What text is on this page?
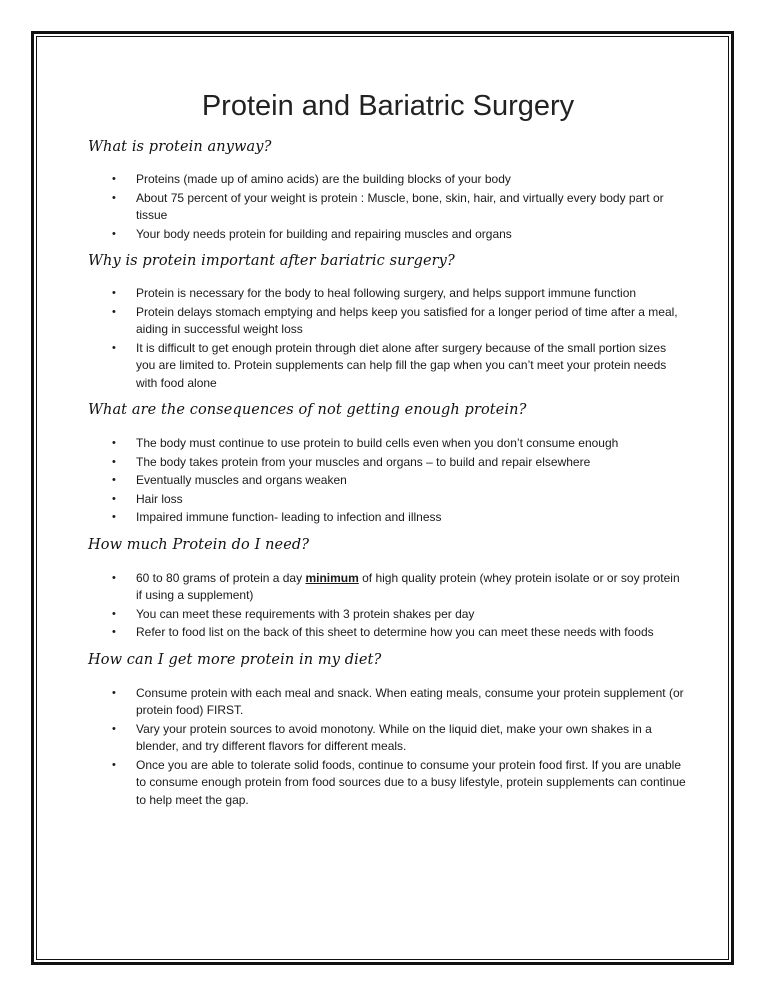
Protein and Bariatric Surgery
What is protein anyway?
• Proteins (made up of amino acids) are the building blocks of your body
• About 75 percent of your weight is protein : Muscle, bone, skin, hair, and virtually every body part or tissue
• Your body needs protein for building and repairing muscles and organs
Why is protein important after bariatric surgery?
• Protein is necessary for the body to heal following surgery, and helps support immune function
• Protein delays stomach emptying and helps keep you satisfied for a longer period of time after a meal, aiding in successful weight loss
• It is difficult to get enough protein through diet alone after surgery because of the small portion sizes you are limited to. Protein supplements can help fill the gap when you can’t meet your protein needs with food alone
What are the consequences of not getting enough protein?
• The body must continue to use protein to build cells even when you don’t consume enough
• The body takes protein from your muscles and organs – to build and repair elsewhere
• Eventually muscles and organs weaken
• Hair loss
• Impaired immune function- leading to infection and illness
How much Protein do I need?
• 60 to 80 grams of protein a day minimum of high quality protein (whey protein isolate or or soy protein if using a supplement)
• You can meet these requirements with 3 protein shakes per day
• Refer to food list on the back of this sheet to determine how you can meet these needs with foods
How can I get more protein in my diet?
• Consume protein with each meal and snack. When eating meals, consume your protein supplement (or protein food) FIRST.
• Vary your protein sources to avoid monotony. While on the liquid diet, make your own shakes in a blender, and try different flavors for different meals.
• Once you are able to tolerate solid foods, continue to consume your protein food first. If you are unable to consume enough protein from food sources due to a busy lifestyle, protein supplements can continue to help meet the gap.
